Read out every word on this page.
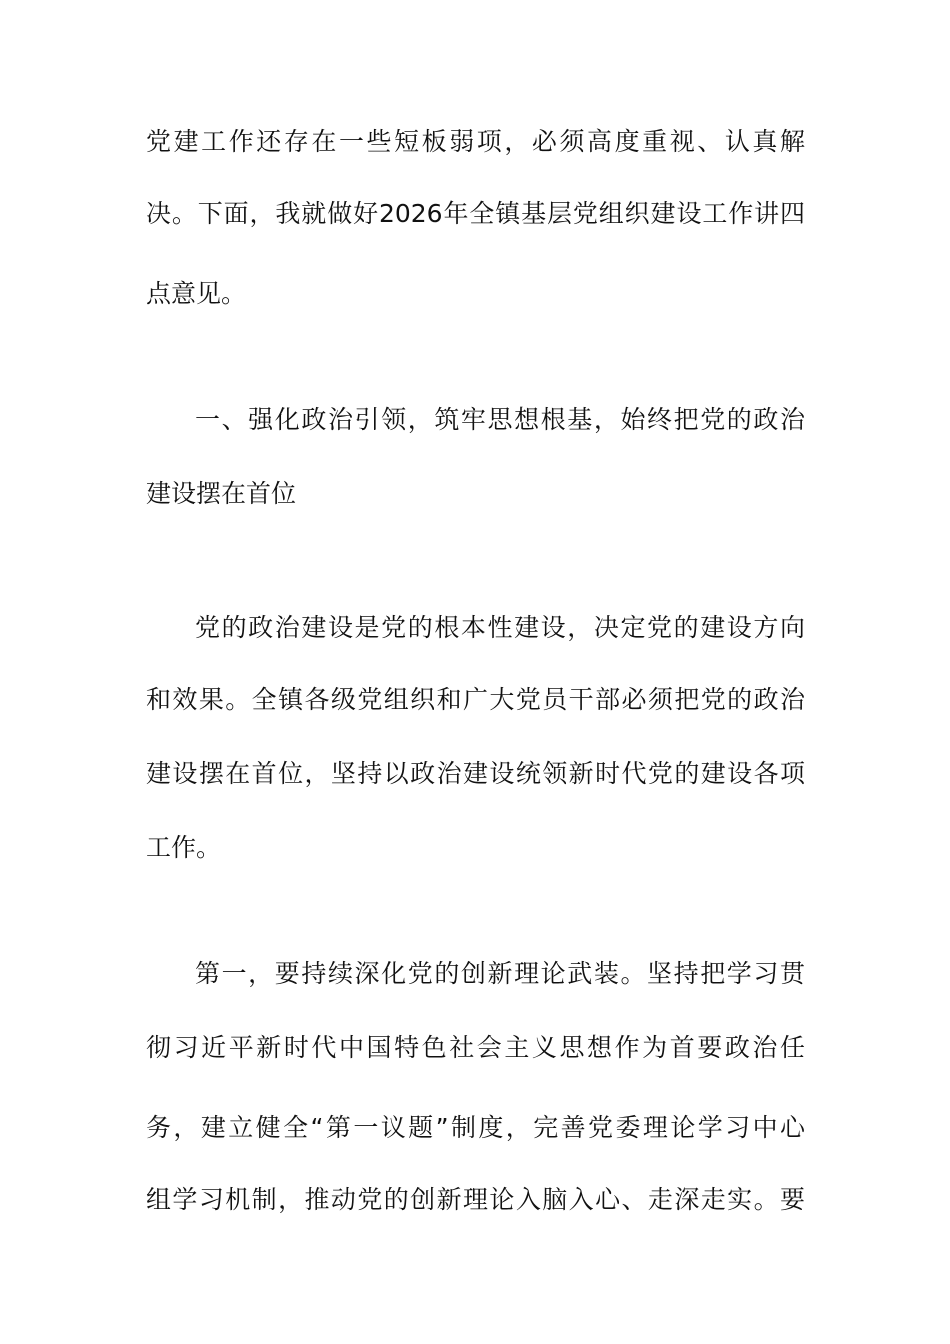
党建工作还存在一些短板弱项，必须高度重视、认真解
决。下面，我就做好2026年全镇基层党组织建设工作讲四
点意见。
一、强化政治引领，筑牢思想根基，始终把党的政治
建设摆在首位
党的政治建设是党的根本性建设，决定党的建设方向
和效果。全镇各级党组织和广大党员干部必须把党的政治
建设摆在首位，坚持以政治建设统领新时代党的建设各项
工作。
第一，要持续深化党的创新理论武装。坚持把学习贯
彻习近平新时代中国特色社会主义思想作为首要政治任
务，建立健全“第一议题”制度，完善党委理论学习中心
组学习机制，推动党的创新理论入脑入心、走深走实。要
